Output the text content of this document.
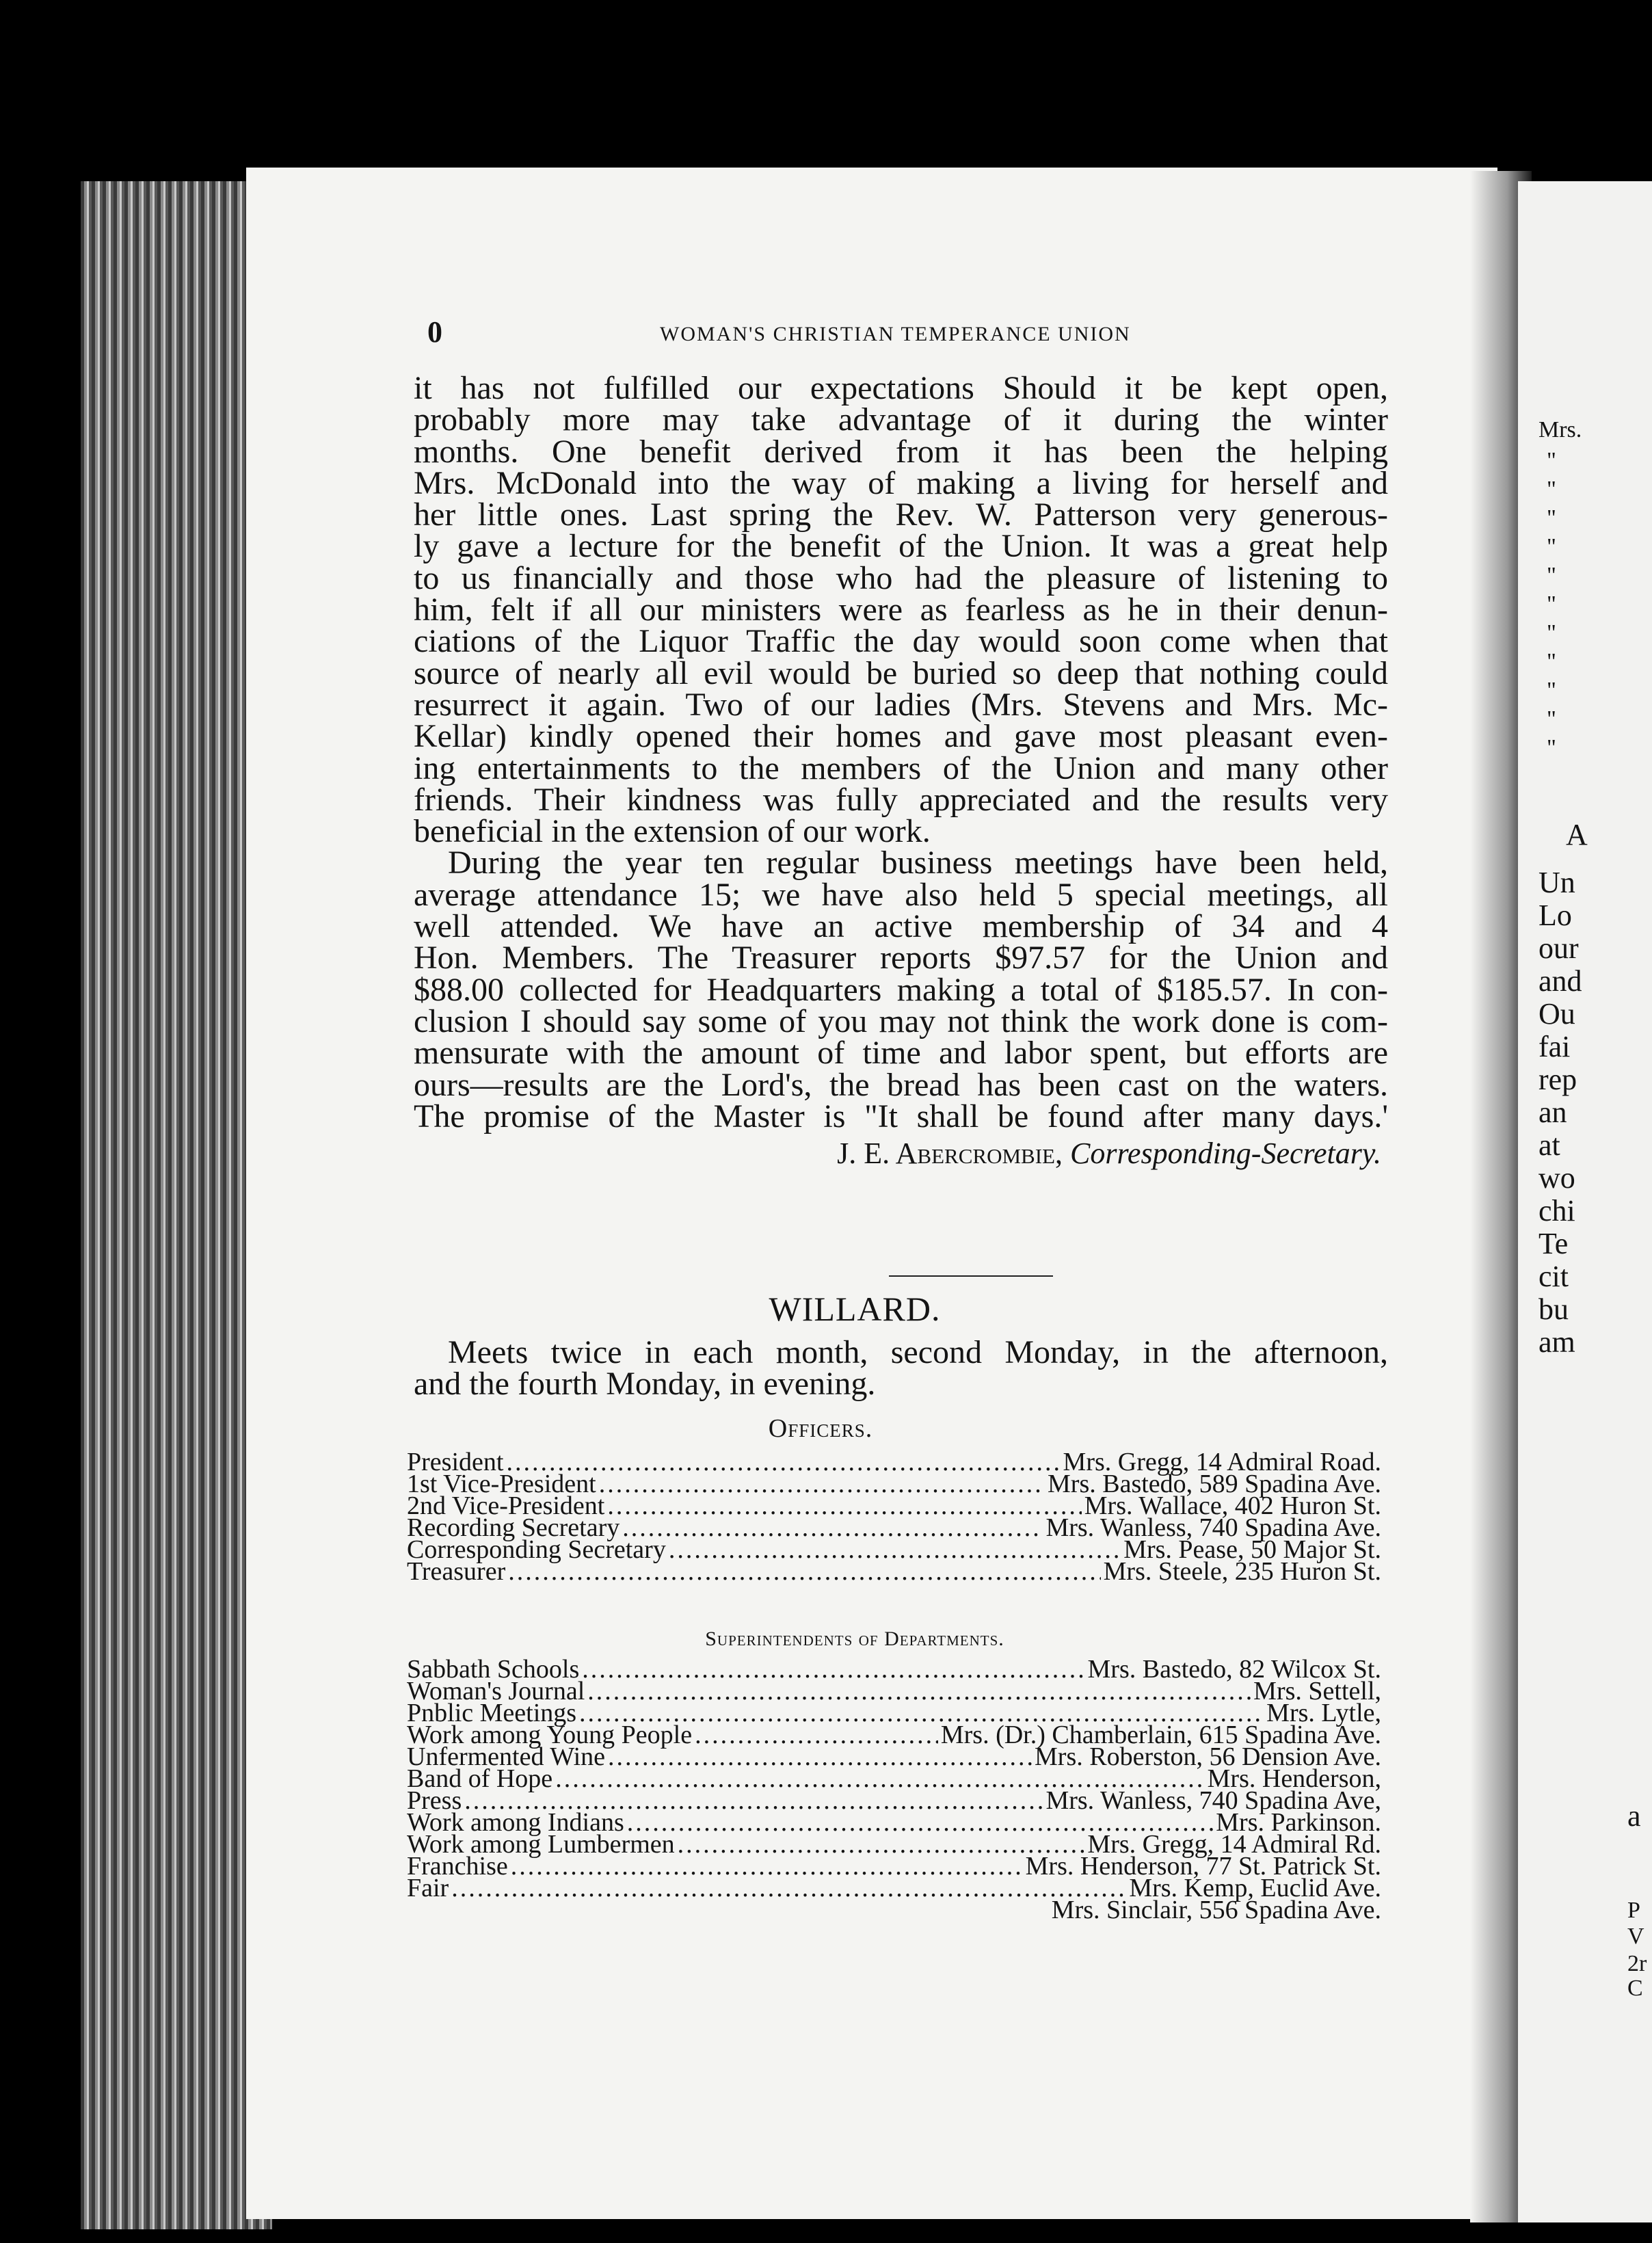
Mrs.
"
"
"
"
"
"
"
"
"
"
"
A
Un
Lo
our
and
Ou
fai
rep
an
at
wo
chi
Te
cit
bu
am
a
P
V
2r
C
0	WOMAN'S CHRISTIAN TEMPERANCE UNION

it has not fulfilled our expectations Should it be kept open,

probably more may take advantage of it during the winter

months. One benefit derived from it has been the helping

Mrs. McDonald into the way of making a living for herself and

her little ones. Last spring the Rev. W. Patterson very generous-

ly gave a lecture for the benefit of the Union. It was a great help

to us financially and those who had the pleasure of listening to

him, felt if all our ministers were as fearless as he in their denun-

ciations of the Liquor Traffic the day would soon come when that

source of nearly all evil would be buried so deep that nothing could

resurrect it again. Two of our ladies (Mrs. Stevens and Mrs. Mc-

Kellar) kindly opened their homes and gave most pleasant even-

ing entertainments to the members of the Union and many other

friends. Their kindness was fully appreciated and the results very

beneficial in the extension of our work.

During the year ten regular business meetings have been held,

average attendance 15; we have also held 5 special meetings, all

well attended. We have an active membership of 34 and 4

Hon. Members. The Treasurer reports $97.57 for the Union and

$88.00 collected for Headquarters making a total of $185.57. In con-

clusion I should say some of you may not think the work done is com-

mensurate with the amount of time and labor spent, but efforts are

ours—results are the Lord's, the bread has been cast on the waters.

The promise of the Master is "It shall be found after many days.'

J. E. Abercrombie, Corresponding-Secretary.
WILLARD.

Meets twice in each month, second Monday, in the afternoon,

and the fourth Monday, in evening.

Officers.
President .....	Mrs. Gregg, 14 Admiral Road.
1st Vice-President .....	Mrs. Bastedo, 589 Spadina Ave.
2nd Vice-President .....	Mrs. Wallace, 402 Huron St.
Recording Secretary .....	Mrs. Wanless, 740 Spadina Ave.
Corresponding Secretary .....	Mrs. Pease, 50 Major St.
Treasurer .....	Mrs. Steele, 235 Huron St.
Superintendents of Departments.
Sabbath Schools .....	Mrs. Bastedo, 82 Wilcox St.
Woman's Journal .....	Mrs. Settell,
Pnblic Meetings .....	Mrs. Lytle,
Work among Young People .....	Mrs. (Dr.) Chamberlain, 615 Spadina Ave.
Unfermented Wine .....	Mrs. Roberston, 56 Dension Ave.
Band of Hope .....	Mrs. Henderson,
Press .....	Mrs. Wanless, 740 Spadina Ave,
Work among Indians .....	Mrs. Parkinson.
Work among Lumbermen .....	Mrs. Gregg, 14 Admiral Rd.
Franchise .....	Mrs. Henderson, 77 St. Patrick St.
Fair .....	Mrs. Kemp, Euclid Ave.
Mrs. Sinclair, 556 Spadina Ave.
